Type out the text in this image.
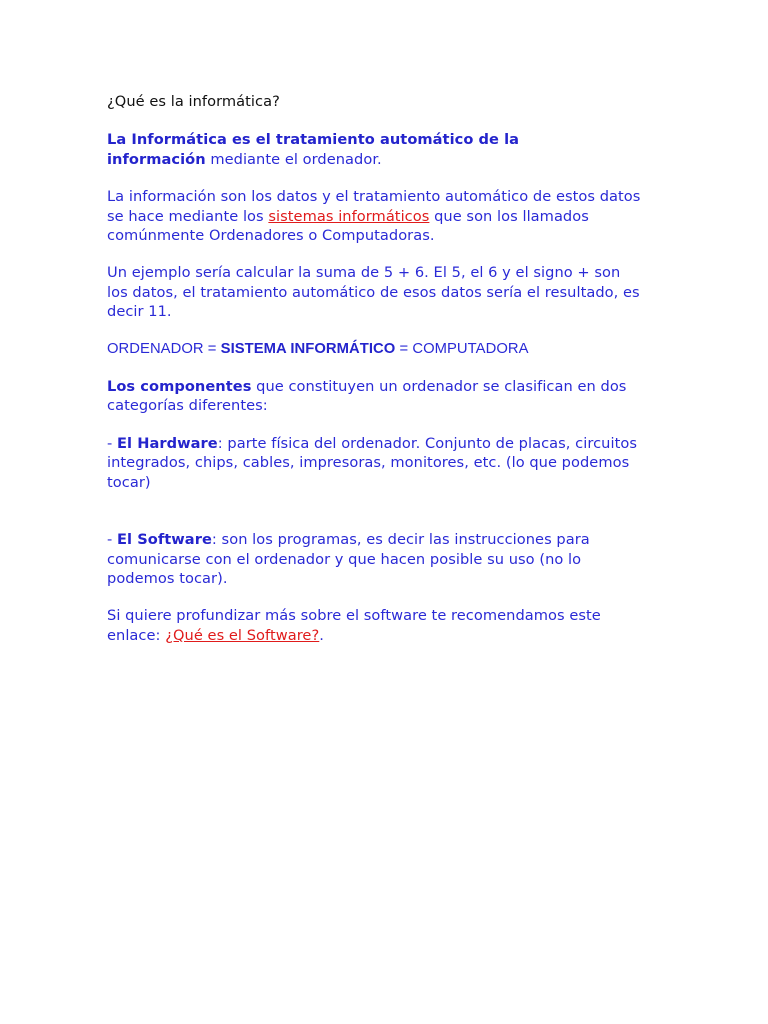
¿Qué es la informática?

La Informática es el tratamiento automático de la
información mediante el ordenador.

La información son los datos y el tratamiento automático de estos datos
se hace mediante los sistemas informáticos que son los llamados
comúnmente Ordenadores o Computadoras.

Un ejemplo sería calcular la suma de 5 + 6. El 5, el 6 y el signo + son
los datos, el tratamiento automático de esos datos sería el resultado, es
decir 11.

ORDENADOR = SISTEMA INFORMÁTICO = COMPUTADORA

Los componentes que constituyen un ordenador se clasifican en dos
categorías diferentes:

- El Hardware: parte física del ordenador. Conjunto de placas, circuitos
integrados, chips, cables, impresoras, monitores, etc. (lo que podemos
tocar)

- El Software: son los programas, es decir las instrucciones para
comunicarse con el ordenador y que hacen posible su uso (no lo
podemos tocar).

Si quiere profundizar más sobre el software te recomendamos este
enlace: ¿Qué es el Software?.
